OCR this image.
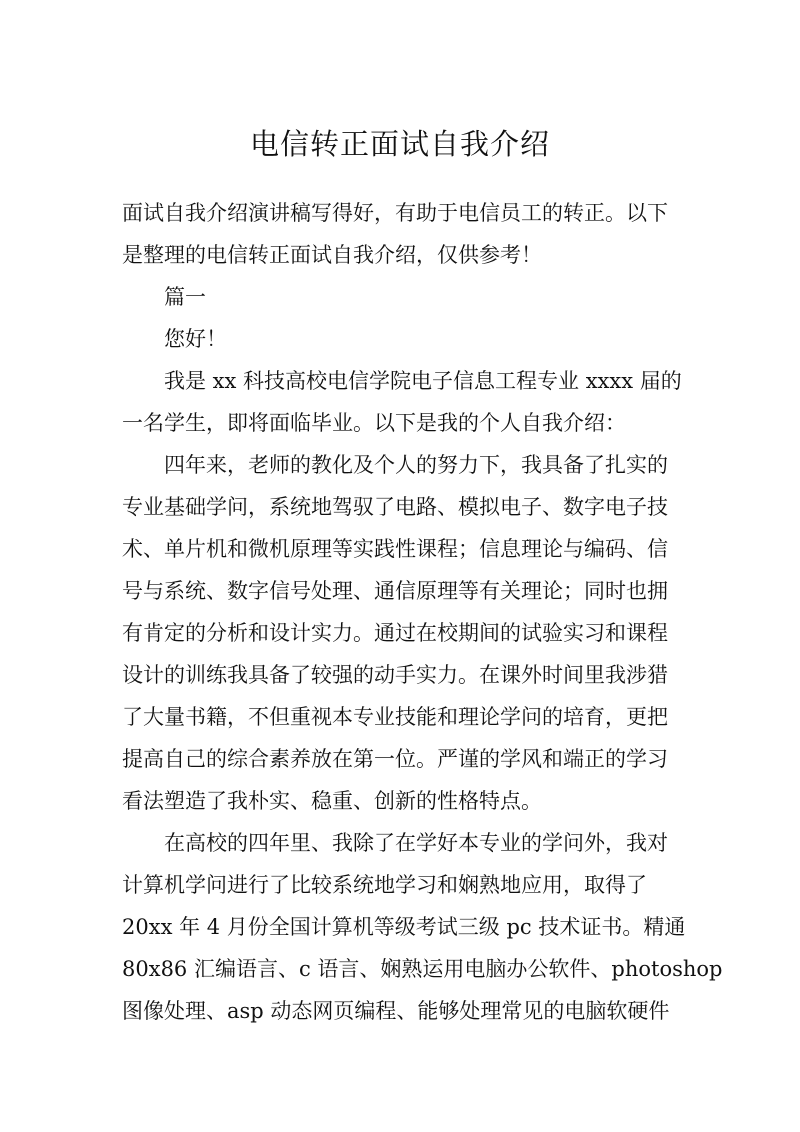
电信转正面试自我介绍
面试自我介绍演讲稿写得好，有助于电信员工的转正。以下
是整理的电信转正面试自我介绍，仅供参考！
篇一
您好！
我是 xx 科技高校电信学院电子信息工程专业 xxxx 届的
一名学生，即将面临毕业。以下是我的个人自我介绍：
四年来，老师的教化及个人的努力下，我具备了扎实的
专业基础学问，系统地驾驭了电路、模拟电子、数字电子技
术、单片机和微机原理等实践性课程；信息理论与编码、信
号与系统、数字信号处理、通信原理等有关理论；同时也拥
有肯定的分析和设计实力。通过在校期间的试验实习和课程
设计的训练我具备了较强的动手实力。在课外时间里我涉猎
了大量书籍，不但重视本专业技能和理论学问的培育，更把
提高自己的综合素养放在第一位。严谨的学风和端正的学习
看法塑造了我朴实、稳重、创新的性格特点。
在高校的四年里、我除了在学好本专业的学问外，我对
计算机学问进行了比较系统地学习和娴熟地应用，取得了
20xx 年 4 月份全国计算机等级考试三级 pc 技术证书。精通
80x86 汇编语言、c 语言、娴熟运用电脑办公软件、photoshop
图像处理、asp 动态网页编程、能够处理常见的电脑软硬件
